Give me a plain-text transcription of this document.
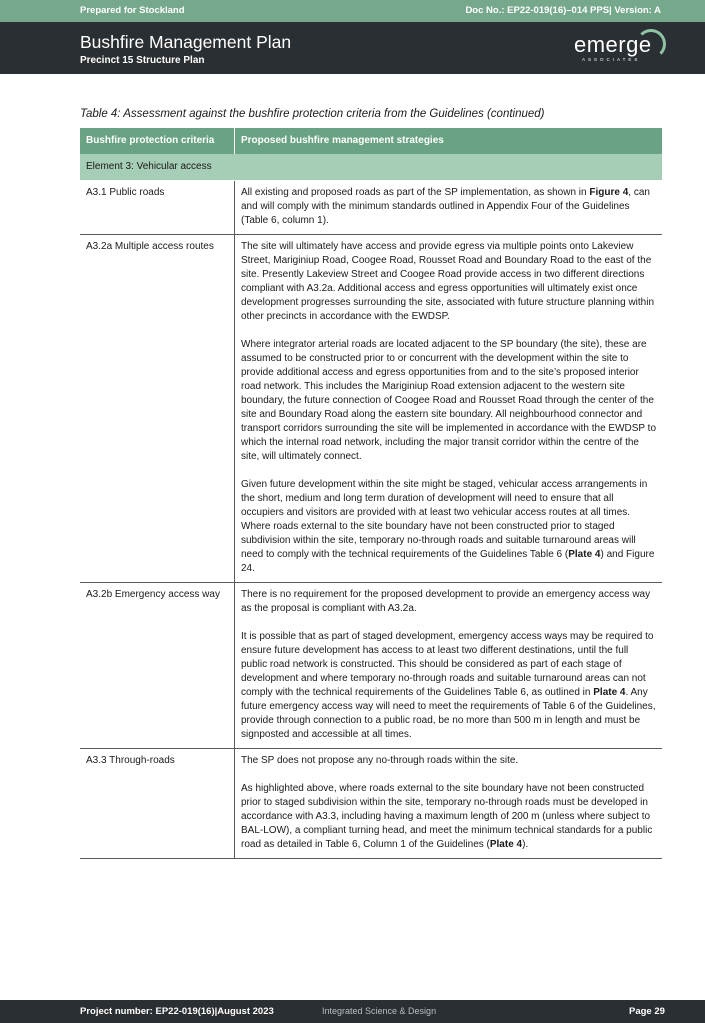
Prepared for Stockland	Doc No.: EP22-019(16)–014 PPS| Version: A
Bushfire Management Plan
Precinct 15 Structure Plan
emerge
ASSOCIATES
Table 4: Assessment against the bushfire protection criteria from the Guidelines (continued)
Bushfire protection criteria	Proposed bushfire management strategies
Element 3: Vehicular access	
A3.1 Public roads	All existing and proposed roads as part of the SP implementation, as shown in Figure 4, can and will comply with the minimum standards outlined in Appendix Four of the Guidelines (Table 6, column 1).

A3.2a Multiple access routes	The site will ultimately have access and provide egress via multiple points onto Lakeview Street, Mariginiup Road, Coogee Road, Rousset Road and Boundary Road to the east of the site. Presently Lakeview Street and Coogee Road provide access in two different directions compliant with A3.2a. Additional access and egress opportunities will ultimately exist once development progresses surrounding the site, associated with future structure planning within other precincts in accordance with the EWDSP.

Where integrator arterial roads are located adjacent to the SP boundary (the site), these are assumed to be constructed prior to or concurrent with the development within the site to provide additional access and egress opportunities from and to the site’s proposed interior road network. This includes the Mariginiup Road extension adjacent to the western site boundary, the future connection of Coogee Road and Rousset Road through the center of the site and Boundary Road along the eastern site boundary. All neighbourhood connector and transport corridors surrounding the site will be implemented in accordance with the EWDSP to which the internal road network, including the major transit corridor within the centre of the site, will ultimately connect.

Given future development within the site might be staged, vehicular access arrangements in the short, medium and long term duration of development will need to ensure that all occupiers and visitors are provided with at least two vehicular access routes at all times. Where roads external to the site boundary have not been constructed prior to staged subdivision within the site, temporary no-through roads and suitable turnaround areas will need to comply with the technical requirements of the Guidelines Table 6 (Plate 4) and Figure 24.

A3.2b Emergency access way	There is no requirement for the proposed development to provide an emergency access way as the proposal is compliant with A3.2a.

It is possible that as part of staged development, emergency access ways may be required to ensure future development has access to at least two different destinations, until the full public road network is constructed. This should be considered as part of each stage of development and where temporary no-through roads and suitable turnaround areas can not comply with the technical requirements of the Guidelines Table 6, as outlined in Plate 4. Any future emergency access way will need to meet the requirements of Table 6 of the Guidelines, provide through connection to a public road, be no more than 500 m in length and must be signposted and accessible at all times.

A3.3 Through-roads	The SP does not propose any no-through roads within the site.

As highlighted above, where roads external to the site boundary have not been constructed prior to staged subdivision within the site, temporary no-through roads must be developed in accordance with A3.3, including having a maximum length of 200 m (unless where subject to BAL-LOW), a compliant turning head, and meet the minimum technical standards for a public road as detailed in Table 6, Column 1 of the Guidelines (Plate 4).

Project number: EP22-019(16)|August 2023	Integrated Science & Design	Page 29
